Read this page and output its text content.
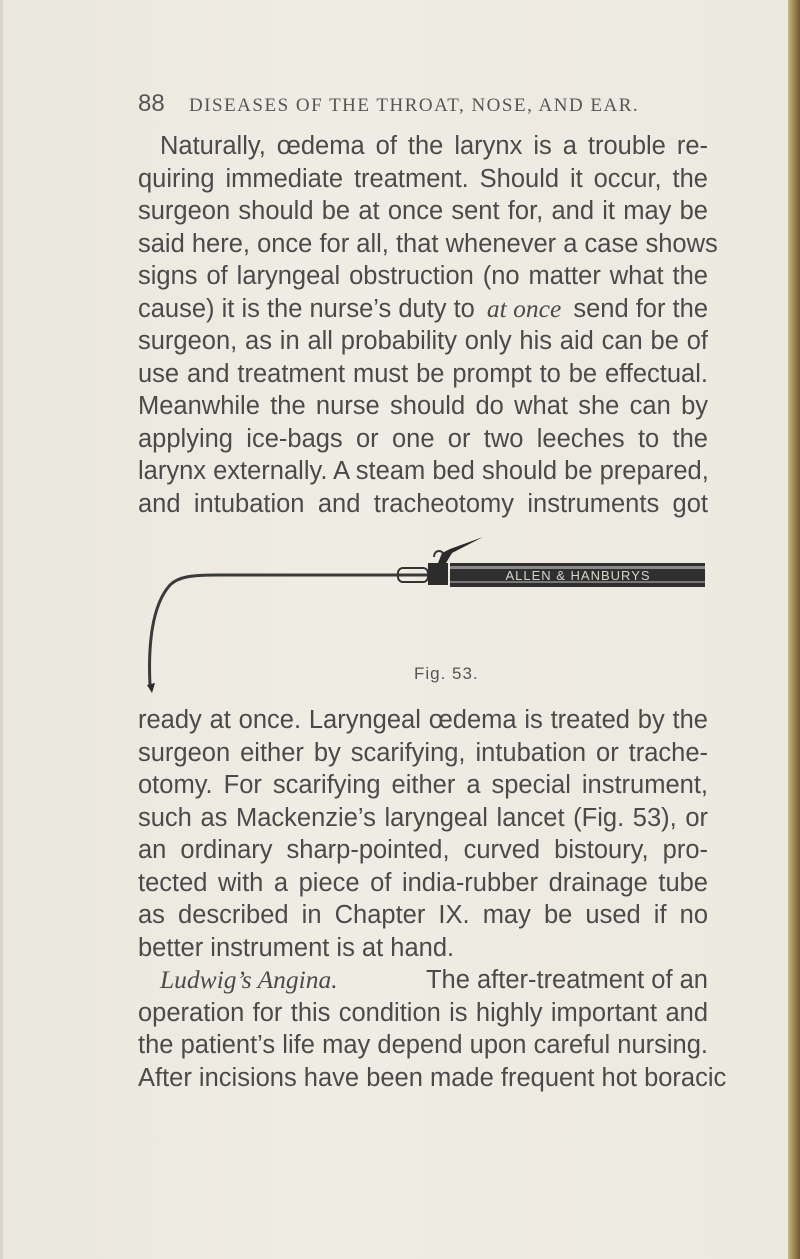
88 DISEASES OF THE THROAT, NOSE, AND EAR.
Naturally, œdema of the larynx is a trouble re-
quiring immediate treatment. Should it occur, the
surgeon should be at once sent for, and it may be
said here, once for all, that whenever a case shows
signs of laryngeal obstruction (no matter what the
cause) it is the nurse’s duty to at once send for the
surgeon, as in all probability only his aid can be of
use and treatment must be prompt to be effectual.
Meanwhile the nurse should do what she can by
applying ice-bags or one or two leeches to the
larynx externally. A steam bed should be prepared,
and intubation and tracheotomy instruments got
ALLEN & HANBURYS
Fig. 53.
ready at once. Laryngeal œdema is treated by the
surgeon either by scarifying, intubation or trache-
otomy. For scarifying either a special instrument,
such as Mackenzie’s laryngeal lancet (Fig. 53), or
an ordinary sharp-pointed, curved bistoury, pro-
tected with a piece of india-rubber drainage tube
as described in Chapter IX. may be used if no
better instrument is at hand.
Ludwig’s Angina.	The after-treatment of an
operation for this condition is highly important and
the patient’s life may depend upon careful nursing.
After incisions have been made frequent hot boracic
